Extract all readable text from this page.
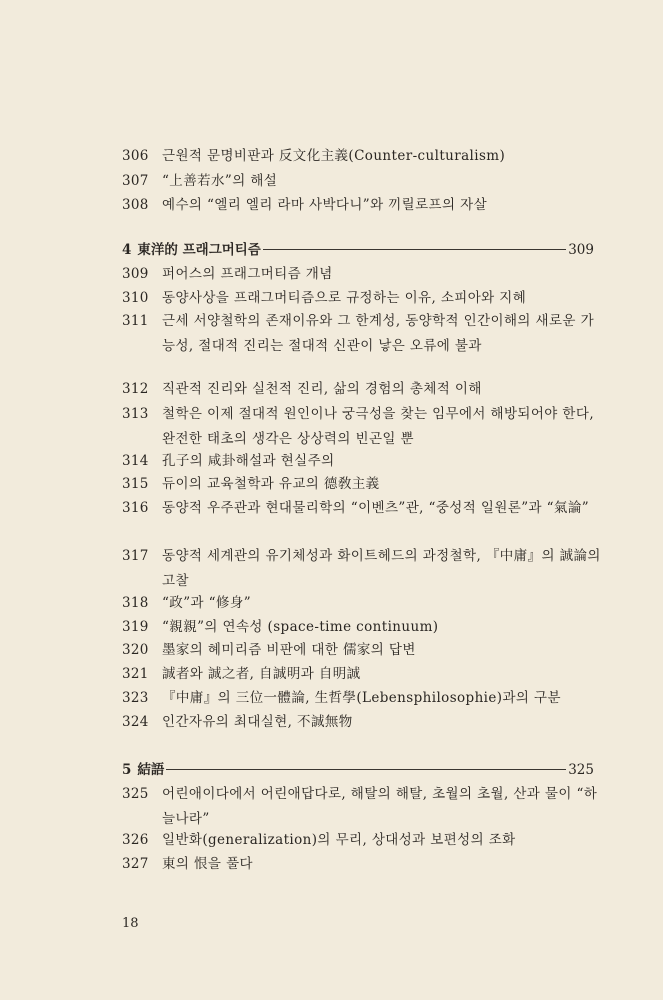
306 근원적 문명비판과 反文化主義(Counter-culturalism)
307 “上善若水”의 해설
308 예수의 “엘리 엘리 라마 사박다니”와 끼릴로프의 자살
4 東洋的 프래그머티즘	309
309 퍼어스의 프래그머티즘 개념
310 동양사상을 프래그머티즘으로 규정하는 이유, 소피아와 지혜
311 근세 서양철학의 존재이유와 그 한계성, 동양학적 인간이해의 새로운 가능성, 절대적 진리는 절대적 신관이 낳은 오류에 불과
312 직관적 진리와 실천적 진리, 삶의 경험의 총체적 이해
313 철학은 이제 절대적 원인이나 궁극성을 찾는 임무에서 해방되어야 한다, 완전한 태초의 생각은 상상력의 빈곤일 뿐
314 孔子의 咸卦해설과 현실주의
315 듀이의 교육철학과 유교의 德敎主義
316 동양적 우주관과 현대물리학의 “이벤츠”관, “중성적 일원론”과 “氣論”
317 동양적 세계관의 유기체성과 화이트헤드의 과정철학, 『中庸』의 誠論의 고찰
318 “政”과 “修身”
319 “親親”의 연속성 (space-time continuum)
320 墨家의 혜미리즘 비판에 대한 儒家의 답변
321 誠者와 誠之者, 自誠明과 自明誠
323 『中庸』의 三位一體論, 生哲學(Lebensphilosophie)과의 구분
324 인간자유의 최대실현, 不誠無物
5 結語	325
325 어린애이다에서 어린애답다로, 해탈의 해탈, 초월의 초월, 산과 물이 “하늘나라”
326 일반화(generalization)의 무리, 상대성과 보편성의 조화
327 東의 恨을 풀다
18
